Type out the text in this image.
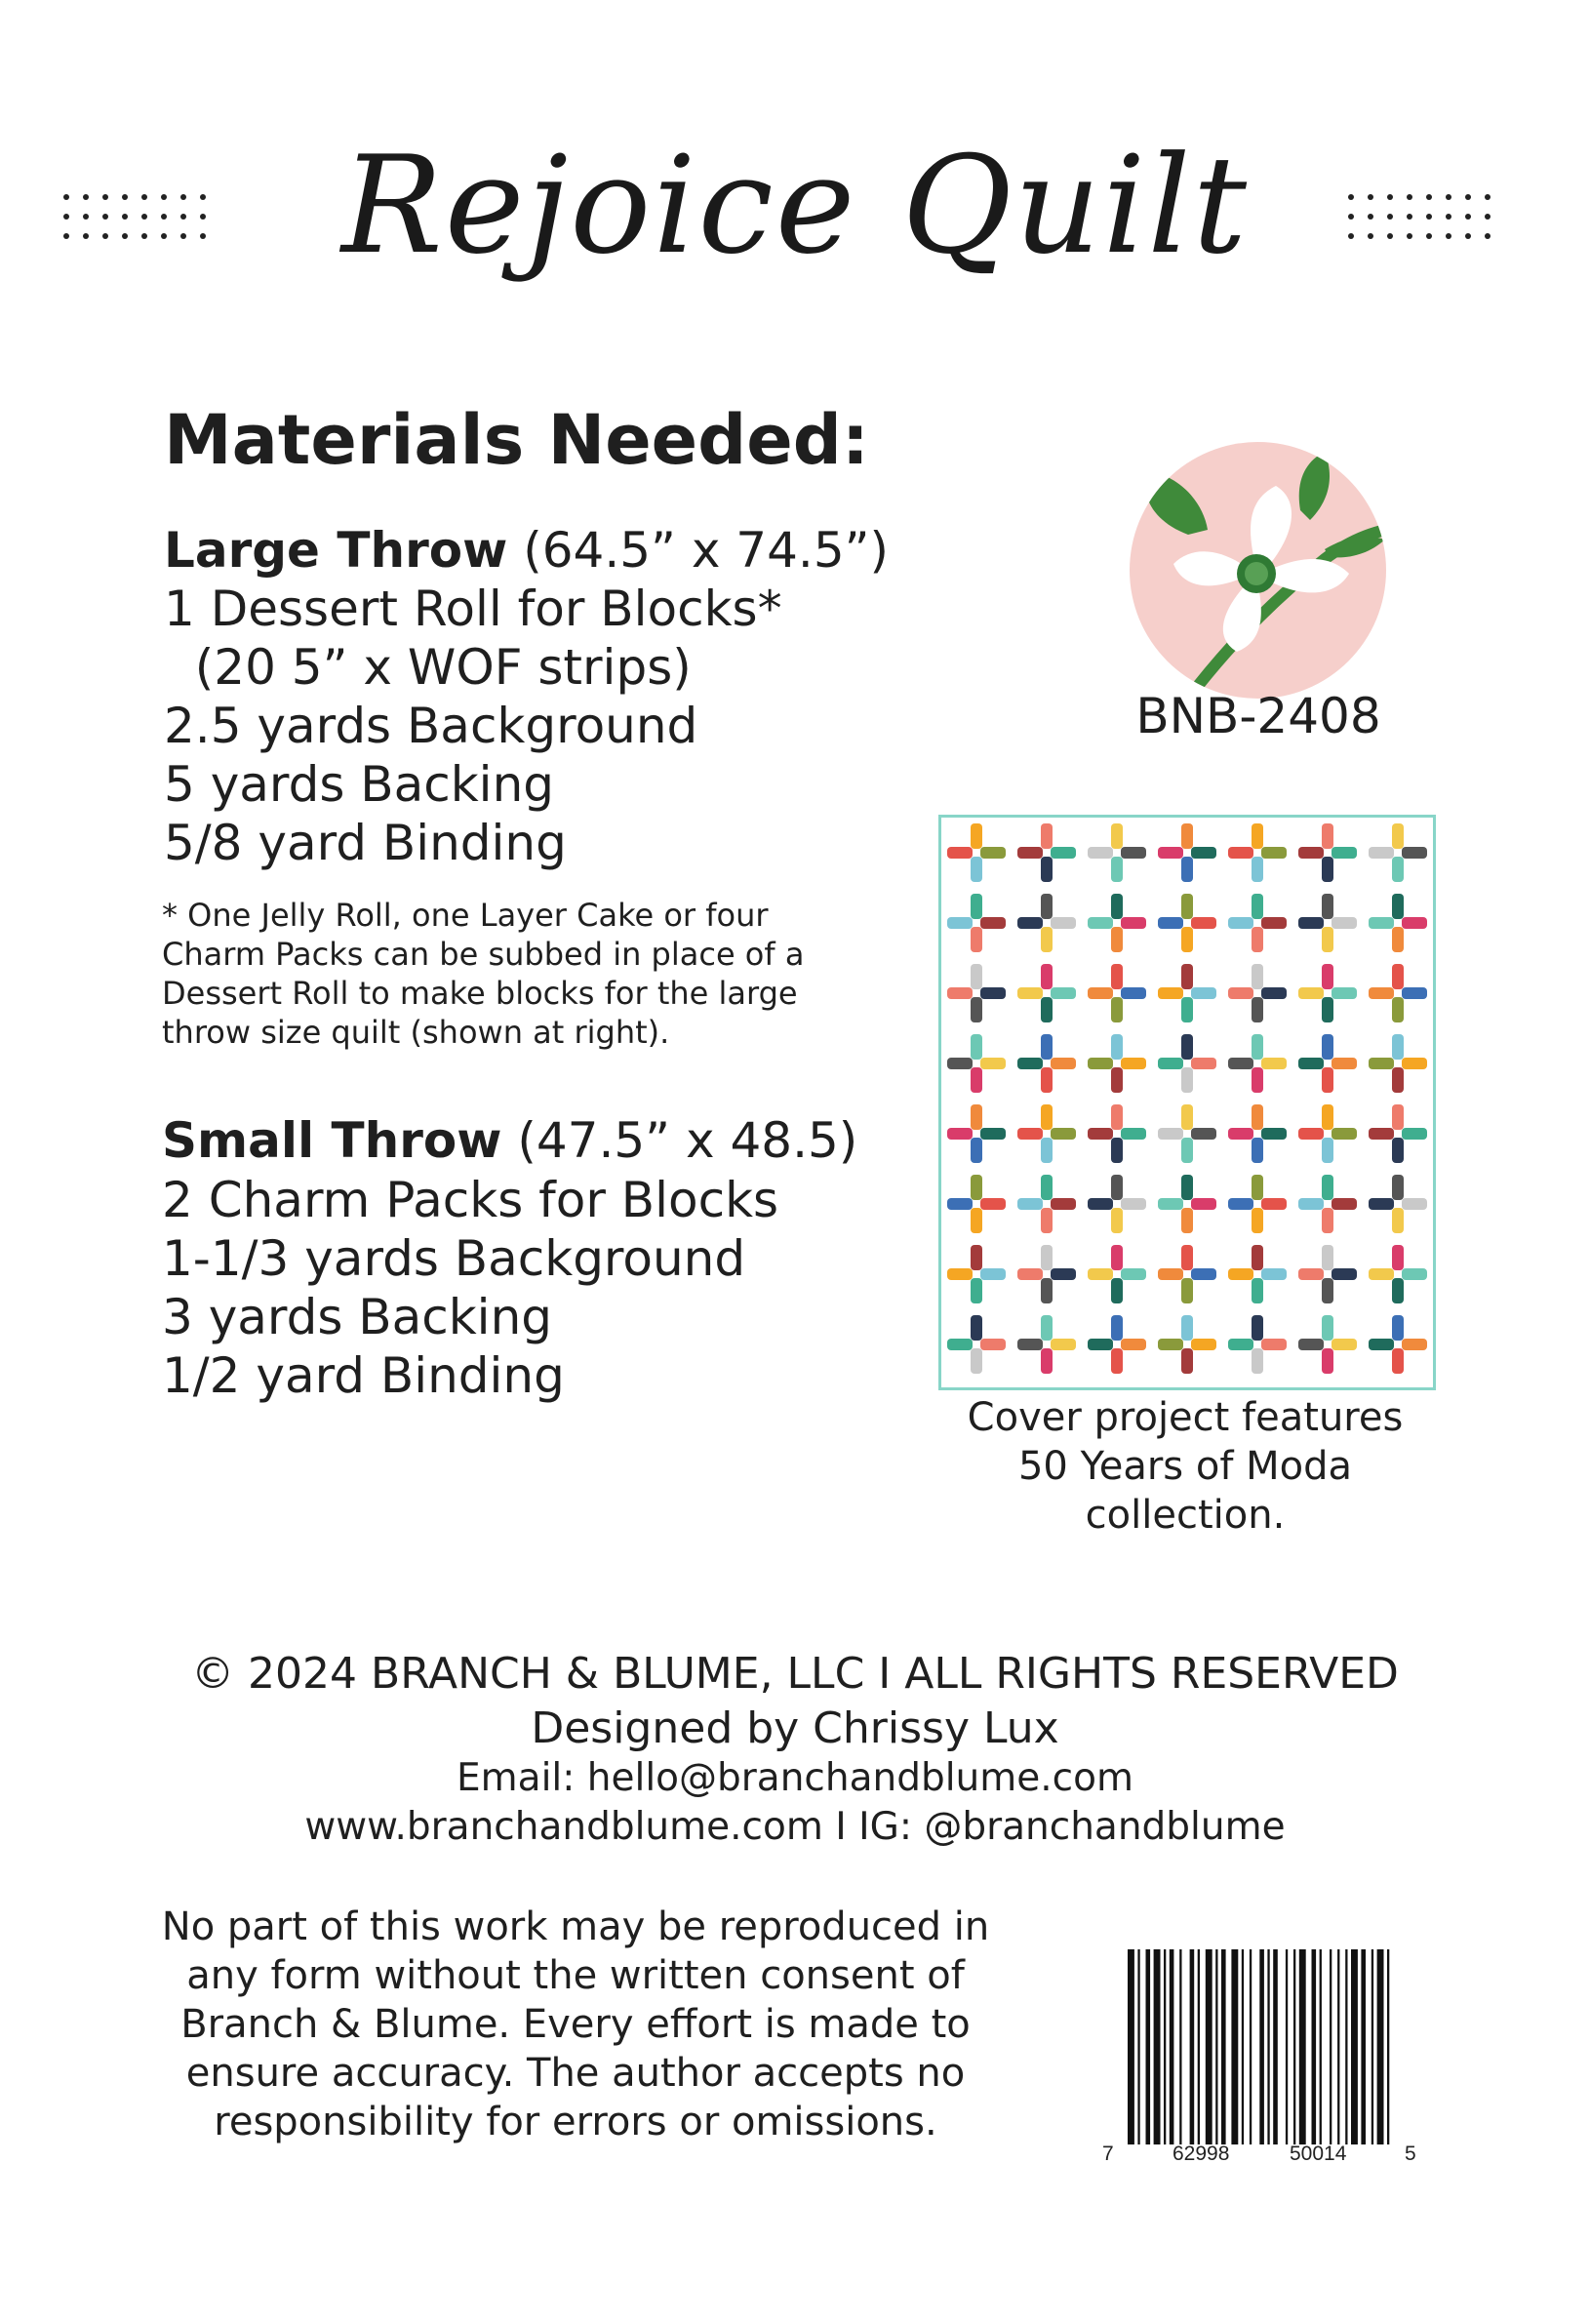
Rejoice Quilt
Materials Needed:
Large Throw (64.5” x 74.5”)
1 Dessert Roll for Blocks*
(20 5” x WOF strips)
2.5 yards Background
5 yards Backing
5/8 yard Binding
* One Jelly Roll, one Layer Cake or four
Charm Packs can be subbed in place of a
Dessert Roll to make blocks for the large
throw size quilt (shown at right).
Small Throw (47.5” x 48.5)
2 Charm Packs for Blocks
1-1/3 yards Background
3 yards Backing
1/2 yard Binding
BNB-2408
Cover project features
50 Years of Moda
collection.
© 2024 BRANCH & BLUME, LLC I ALL RIGHTS RESERVED
Designed by Chrissy Lux
Email: hello@branchandblume.com
www.branchandblume.com I IG: @branchandblume
No part of this work may be reproduced in
any form without the written consent of
Branch & Blume. Every effort is made to
ensure accuracy. The author accepts no
responsibility for errors or omissions.
7	62998	50014	5
